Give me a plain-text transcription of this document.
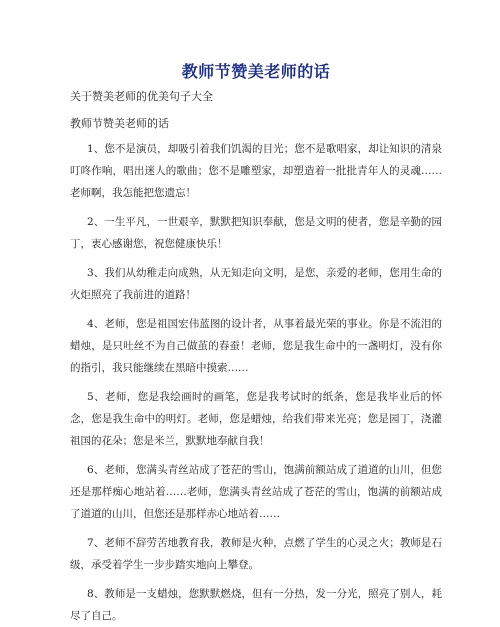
教师节赞美老师的话
关于赞美老师的优美句子大全
教师节赞美老师的话

1、您不是演员，却吸引着我们饥渴的目光；您不是歌唱家，却让知识的清泉叮咚作响，唱出迷人的歌曲；您不是雕塑家，却塑造着一批批青年人的灵魂……老师啊，我怎能把您遗忘！

2、一生平凡，一世艰辛，默默把知识奉献，您是文明的使者，您是辛勤的园丁，衷心感谢您，祝您健康快乐！

3、我们从幼稚走向成熟，从无知走向文明，是您，亲爱的老师，您用生命的火炬照亮了我前进的道路！

4、老师，您是祖国宏伟蓝图的设计者，从事着最光荣的事业。你是不流泪的蜡烛，是只吐丝不为自己做茧的春蚕！老师，您是我生命中的一盏明灯，没有你的指引，我只能继续在黑暗中摸索……

5、老师，您是我绘画时的画笔，您是我考试时的纸条，您是我毕业后的怀念，您是我生命中的明灯。老师，您是蜡烛，给我们带来光亮；您是园丁，浇灌祖国的花朵；您是米兰，默默地奉献自我！

6、老师，您满头青丝站成了苍茫的雪山，饱满前额站成了道道的山川，但您还是那样痴心地站着……老师，您满头青丝站成了苍茫的雪山，饱满的前额站成了道道的山川，但您还是那样赤心地站着……

7、老师不辞劳苦地教育我，教师是火种，点燃了学生的心灵之火；教师是石级，承受着学生一步步踏实地向上攀登。

8、教师是一支蜡烛，您默默燃烧，但有一分热，发一分光，照亮了别人，耗尽了自己。
